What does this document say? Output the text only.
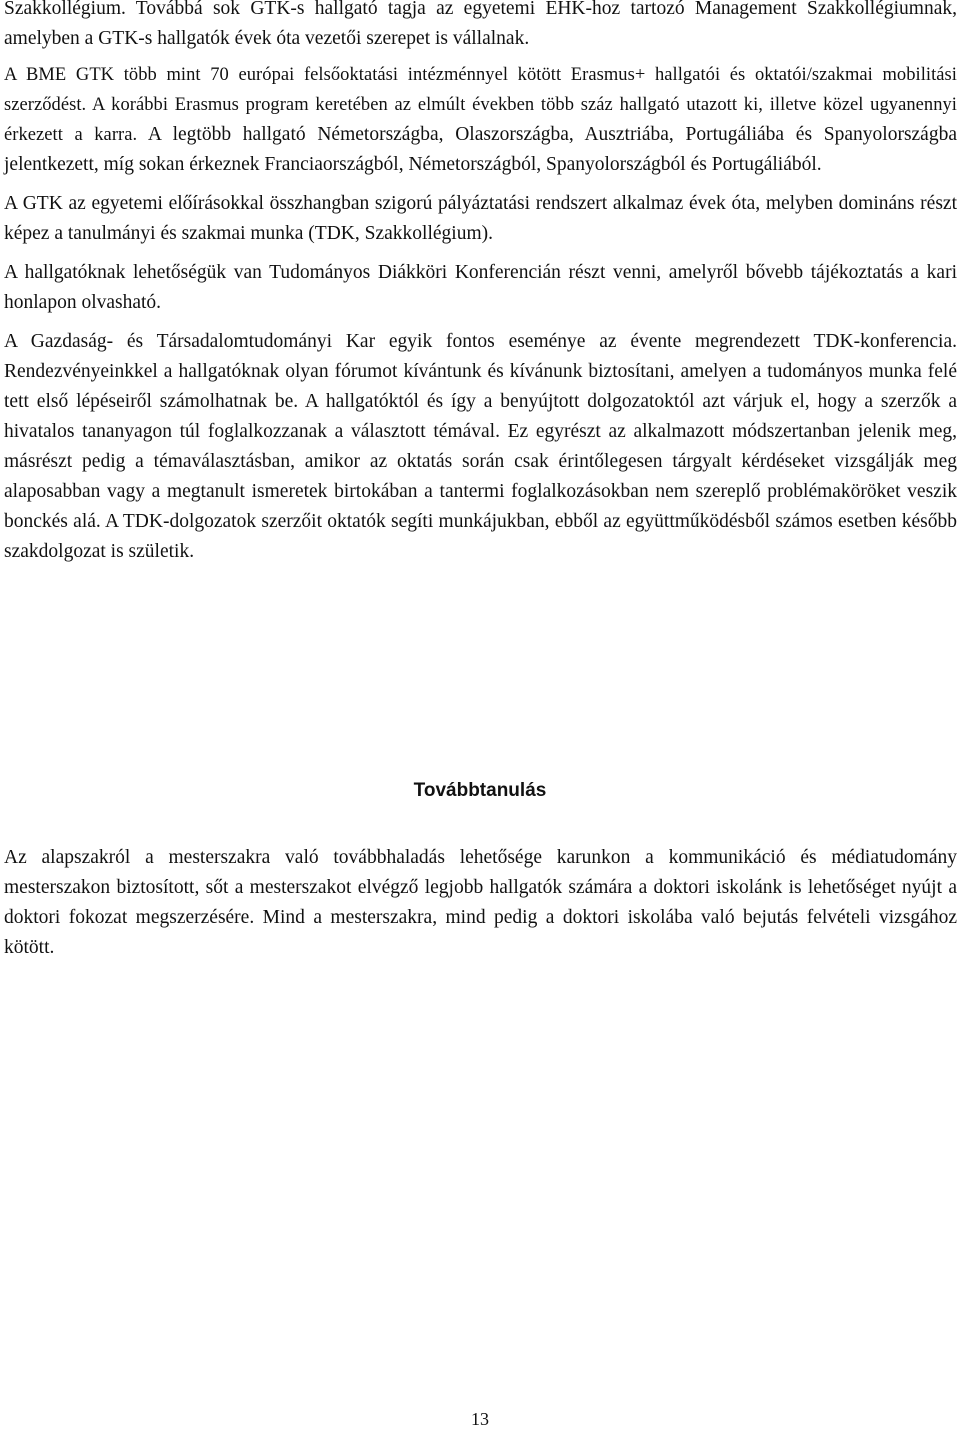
Szakkollégium. Továbbá sok GTK-s hallgató tagja az egyetemi EHK-hoz tartozó Management Szakkollégiumnak, amelyben a GTK-s hallgatók évek óta vezetői szerepet is vállalnak.

A BME GTK több mint 70 európai felsőoktatási intézménnyel kötött Erasmus+ hallgatói és oktatói/szakmai mobilitási szerződést. A korábbi Erasmus program keretében az elmúlt években több száz hallgató utazott ki, illetve közel ugyanennyi érkezett a karra. A legtöbb hallgató Németországba, Olaszországba, Ausztriába, Portugáliába és Spanyolországba jelentkezett, míg sokan érkeznek Franciaországból, Németországból, Spanyolországból és Portugáliából.

A GTK az egyetemi előírásokkal összhangban szigorú pályáztatási rendszert alkalmaz évek óta, melyben domináns részt képez a tanulmányi és szakmai munka (TDK, Szakkollégium).

A hallgatóknak lehetőségük van Tudományos Diákköri Konferencián részt venni, amelyről bővebb tájékoztatás a kari honlapon olvasható.

A Gazdaság- és Társadalomtudományi Kar egyik fontos eseménye az évente megrendezett TDK-konferencia. Rendezvényeinkkel a hallgatóknak olyan fórumot kívántunk és kívánunk biztosítani, amelyen a tudományos munka felé tett első lépéseiről számolhatnak be. A hallgatóktól és így a benyújtott dolgozatoktól azt várjuk el, hogy a szerzők a hivatalos tananyagon túl foglalkozzanak a választott témával. Ez egyrészt az alkalmazott módszertanban jelenik meg, másrészt pedig a témaválasztásban, amikor az oktatás során csak érintőlegesen tárgyalt kérdéseket vizsgálják meg alaposabban vagy a megtanult ismeretek birtokában a tantermi foglalkozásokban nem szereplő problémaköröket veszik bonckés alá. A TDK-dolgozatok szerzőit oktatók segíti munkájukban, ebből az együttműködésből számos esetben később szakdolgozat is születik.

Továbbtanulás

Az alapszakról a mesterszakra való továbbhaladás lehetősége karunkon a kommunikáció és médiatudomány mesterszakon biztosított, sőt a mesterszakot elvégző legjobb hallgatók számára a doktori iskolánk is lehetőséget nyújt a doktori fokozat megszerzésére. Mind a mesterszakra, mind pedig a doktori iskolába való bejutás felvételi vizsgához kötött.

13
